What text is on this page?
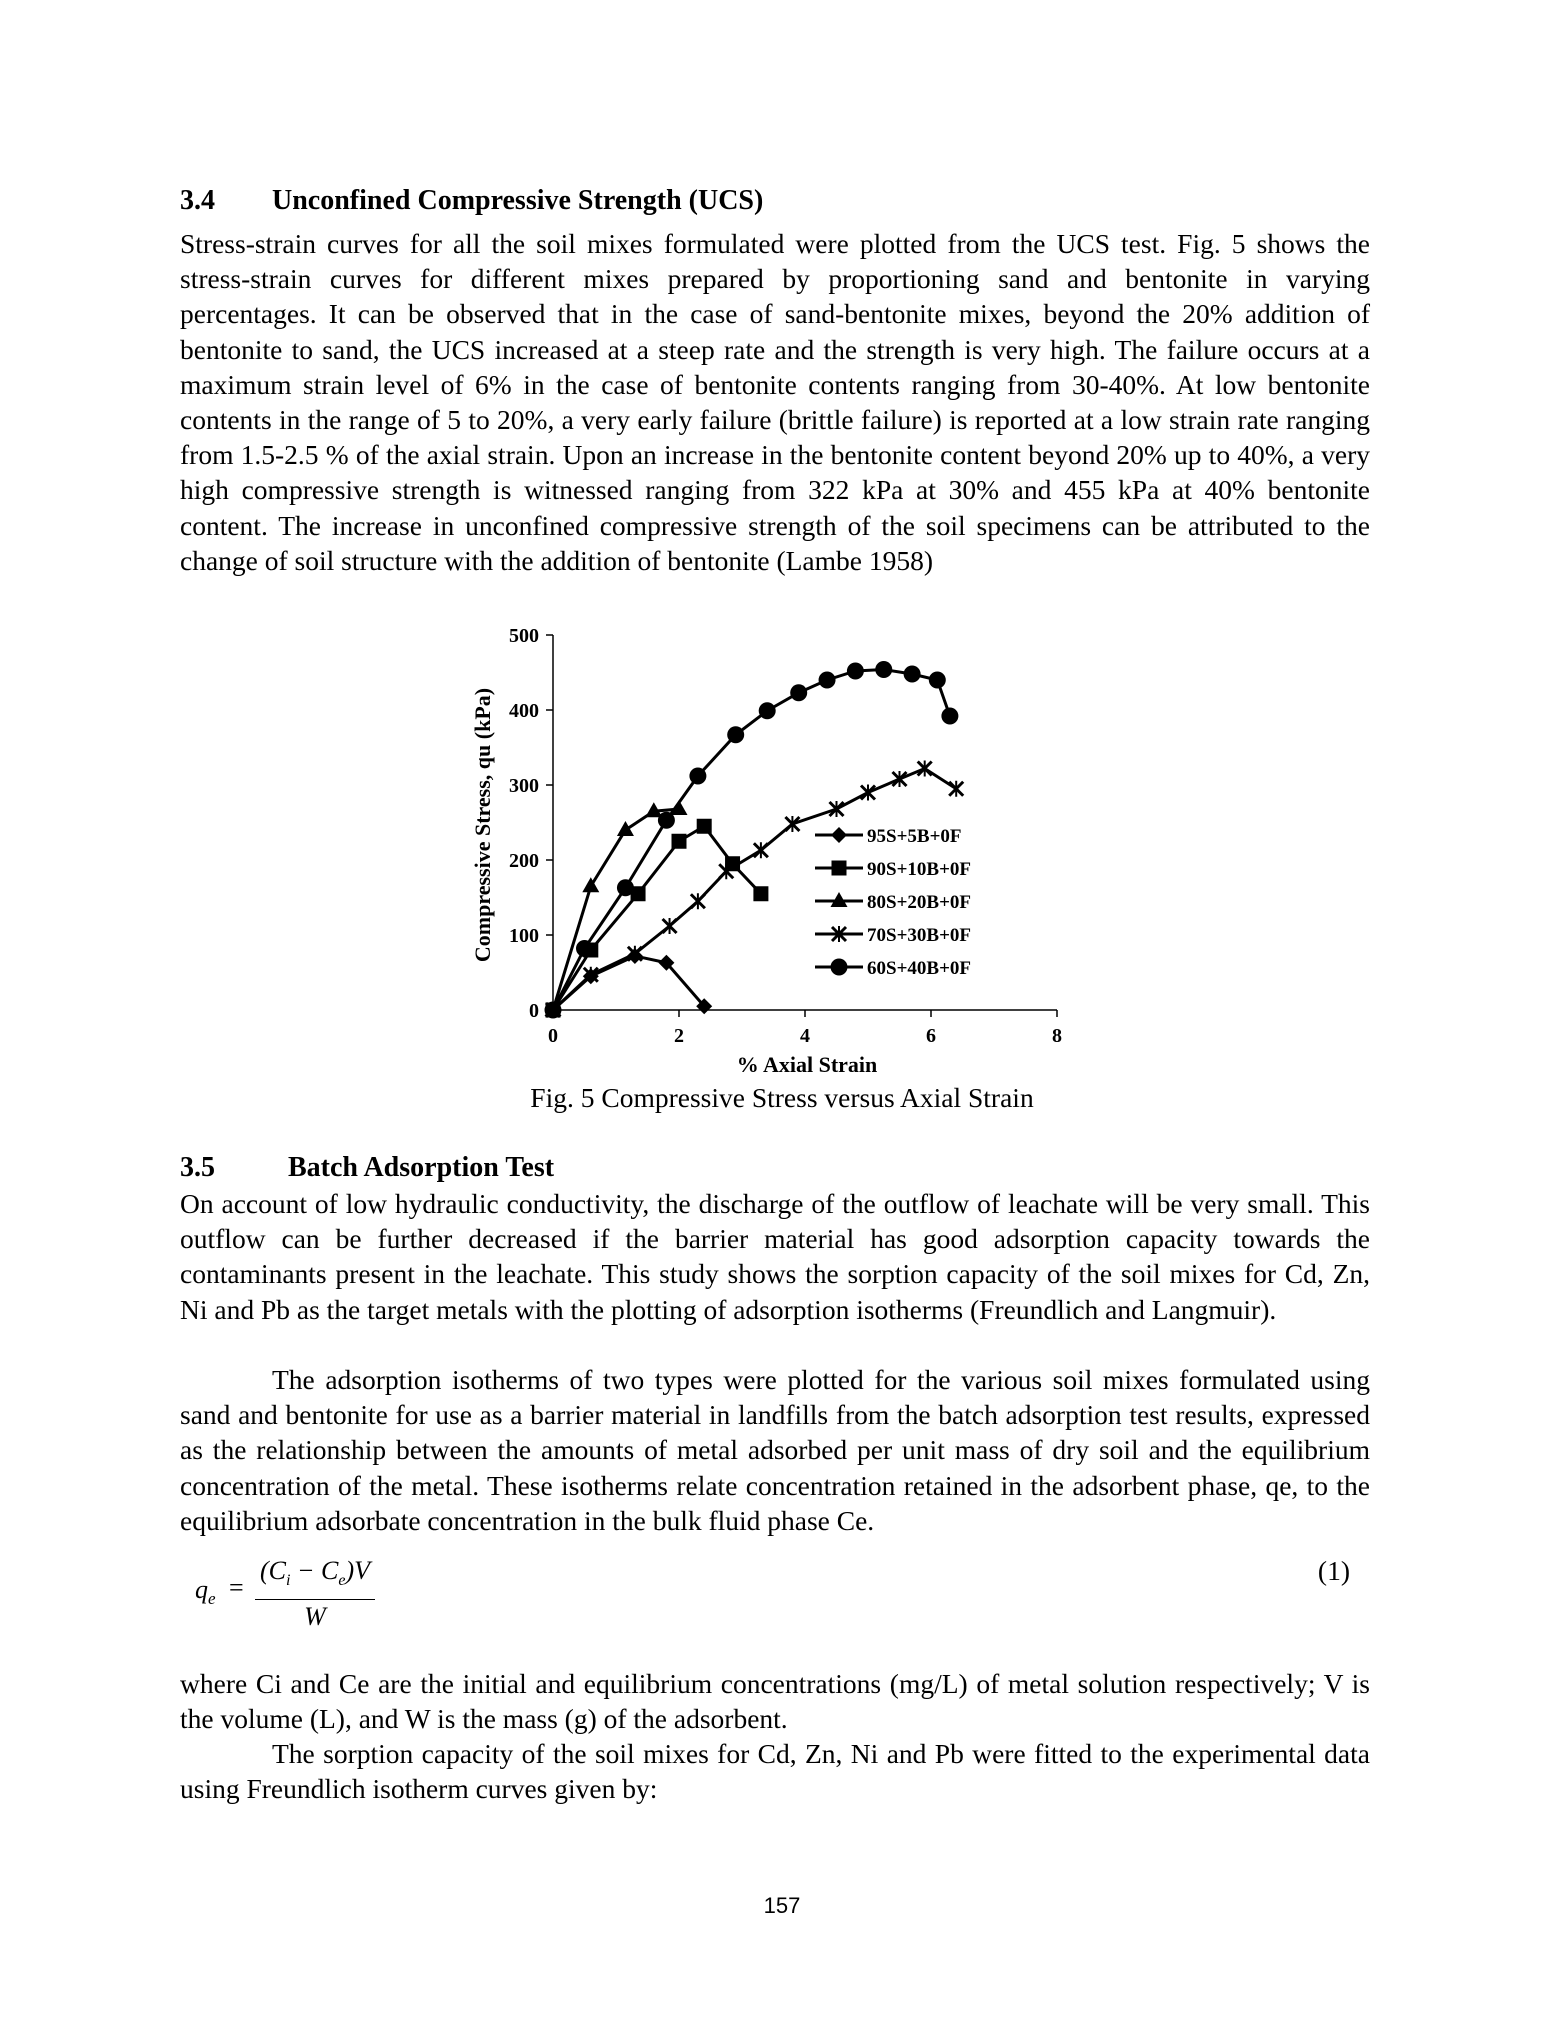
3.4 Unconfined Compressive Strength (UCS)
Stress-strain curves for all the soil mixes formulated were plotted from the UCS test. Fig. 5 shows the stress-strain curves for different mixes prepared by proportioning sand and bentonite in varying percentages. It can be observed that in the case of sand-bentonite mixes, beyond the 20% addition of bentonite to sand, the UCS increased at a steep rate and the strength is very high. The failure occurs at a maximum strain level of 6% in the case of bentonite contents ranging from 30-40%. At low bentonite contents in the range of 5 to 20%, a very early failure (brittle failure) is reported at a low strain rate ranging from 1.5-2.5 % of the axial strain. Upon an increase in the bentonite content beyond 20% up to 40%, a very high compressive strength is witnessed ranging from 322 kPa at 30% and 455 kPa at 40% bentonite content. The increase in unconfined compressive strength of the soil specimens can be attributed to the change of soil structure with the addition of bentonite (Lambe 1958)
0
100
200
300
400
500
0	2	4	6	8
95S+5B+0F
90S+10B+0F
80S+20B+0F
70S+30B+0F
60S+40B+0F
Compressive Stress, qu (kPa)
% Axial Strain
Fig. 5 Compressive Stress versus Axial Strain
3.5	Batch Adsorption Test
On account of low hydraulic conductivity, the discharge of the outflow of leachate will be very small. This outflow can be further decreased if the barrier material has good adsorption capacity towards the contaminants present in the leachate. This study shows the sorption capacity of the soil mixes for Cd, Zn, Ni and Pb as the target metals with the plotting of adsorption isotherms (Freundlich and Langmuir).
The adsorption isotherms of two types were plotted for the various soil mixes formulated using sand and bentonite for use as a barrier material in landfills from the batch adsorption test results, expressed as the relationship between the amounts of metal adsorbed per unit mass of dry soil and the equilibrium concentration of the metal. These isotherms relate concentration retained in the adsorbent phase, qe, to the equilibrium adsorbate concentration in the bulk fluid phase Ce.
$q_e$ =
$(C_i - C_e)V$
W
(1)
where Ci and Ce are the initial and equilibrium concentrations (mg/L) of metal solution respectively; V is the volume (L), and W is the mass (g) of the adsorbent.
The sorption capacity of the soil mixes for Cd, Zn, Ni and Pb were fitted to the experimental data using Freundlich isotherm curves given by:
157
